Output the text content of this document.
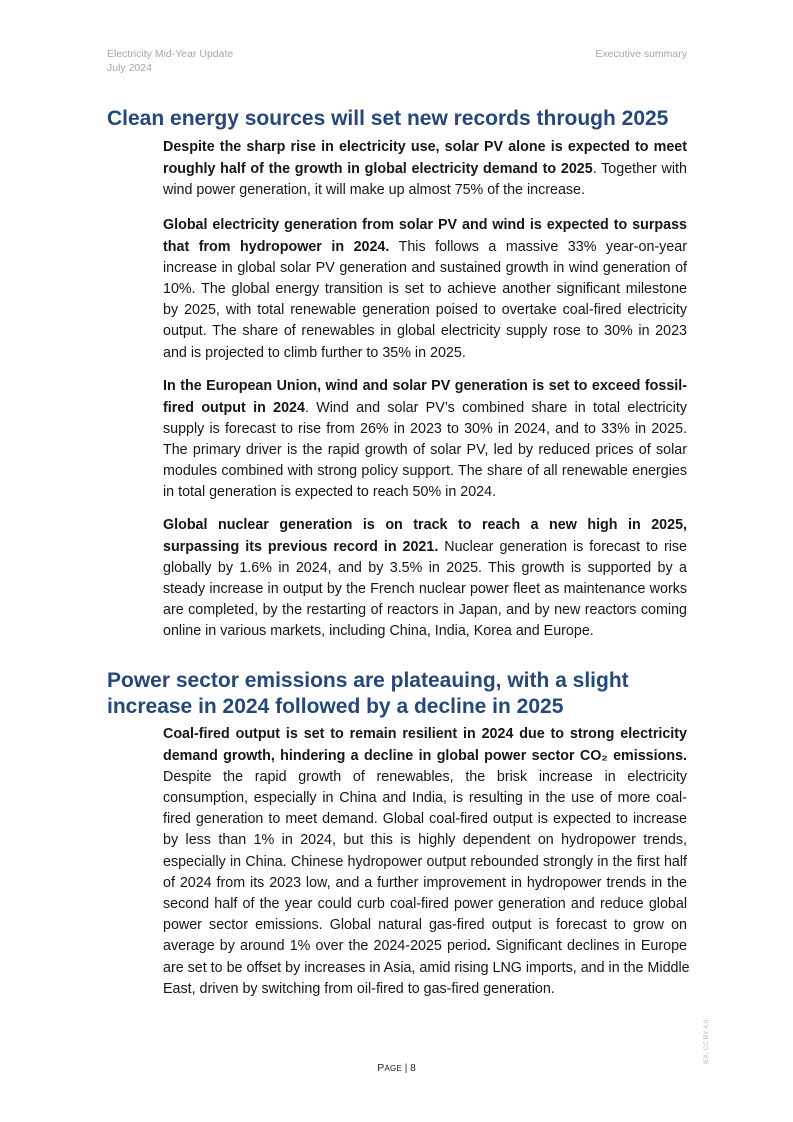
Electricity Mid-Year Update
July 2024
Executive summary
Clean energy sources will set new records through 2025
Despite the sharp rise in electricity use, solar PV alone is expected to meet
roughly half of the growth in global electricity demand to 2025. Together with
wind power generation, it will make up almost 75% of the increase.
Global electricity generation from solar PV and wind is expected to surpass
that from hydropower in 2024. This follows a massive 33% year-on-year
increase in global solar PV generation and sustained growth in wind generation of
10%. The global energy transition is set to achieve another significant milestone
by 2025, with total renewable generation poised to overtake coal-fired electricity
output. The share of renewables in global electricity supply rose to 30% in 2023
and is projected to climb further to 35% in 2025.
In the European Union, wind and solar PV generation is set to exceed fossil-
fired output in 2024. Wind and solar PV’s combined share in total electricity
supply is forecast to rise from 26% in 2023 to 30% in 2024, and to 33% in 2025.
The primary driver is the rapid growth of solar PV, led by reduced prices of solar
modules combined with strong policy support. The share of all renewable energies
in total generation is expected to reach 50% in 2024.
Global nuclear generation is on track to reach a new high in 2025,
surpassing its previous record in 2021. Nuclear generation is forecast to rise
globally by 1.6% in 2024, and by 3.5% in 2025. This growth is supported by a
steady increase in output by the French nuclear power fleet as maintenance works
are completed, by the restarting of reactors in Japan, and by new reactors coming
online in various markets, including China, India, Korea and Europe.
Power sector emissions are plateauing, with a slight
increase in 2024 followed by a decline in 2025
Coal-fired output is set to remain resilient in 2024 due to strong electricity
demand growth, hindering a decline in global power sector CO₂ emissions.
Despite the rapid growth of renewables, the brisk increase in electricity
consumption, especially in China and India, is resulting in the use of more coal-
fired generation to meet demand. Global coal-fired output is expected to increase
by less than 1% in 2024, but this is highly dependent on hydropower trends,
especially in China. Chinese hydropower output rebounded strongly in the first half
of 2024 from its 2023 low, and a further improvement in hydropower trends in the
second half of the year could curb coal-fired power generation and reduce global
power sector emissions. Global natural gas-fired output is forecast to grow on
average by around 1% over the 2024-2025 period. Significant declines in Europe
are set to be offset by increases in Asia, amid rising LNG imports, and in the Middle
East, driven by switching from oil-fired to gas-fired generation.
PAGE | 8
IEA. CC BY 4.0.
